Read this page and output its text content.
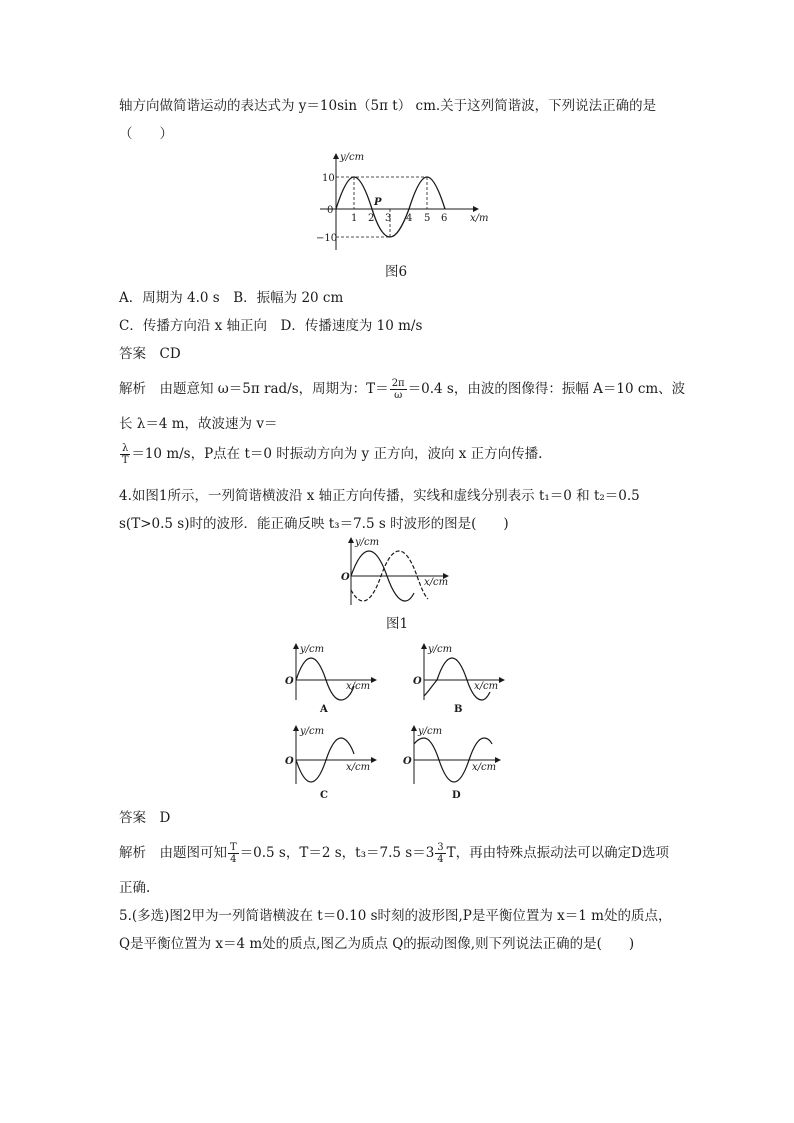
轴方向做简谐运动的表达式为 y＝10sin（5π t） cm.关于这列简谐波，下列说法正确的是
（　　）
y/cm
x/m
0
10
−10
1 2 3 4 5 6
P
图6
A．周期为 4.0 s　 B．振幅为 20 cm
C．传播方向沿 x 轴正向　 D．传播速度为 10 m/s
答案　 CD
解析　 由题意知 ω＝5π rad/s，周期为：$T= \frac{2\pi}{\omega} =0.4$ s，由波的图像得：振幅 A＝10 cm、波
长 λ＝4 m，故波速为 v＝
$\frac{\lambda}{T} =10$ m/s，P点在 t＝0 时振动方向为 y 正方向，波向 x 正方向传播.
4.如图1所示，一列简谐横波沿 x 轴正方向传播，实线和虚线分别表示 t₁＝0 和 t₂＝0.5
s(T>0.5 s)时的波形．能正确反映 t₃＝7.5 s 时波形的图是(　　)
y/cm
x/cm
O
图1
y/cm
x/cm
O
A
y/cm
x/cm
O
B
y/cm
x/cm
O
C
y/cm
x/cm
O
D
答案　 D
解析　 由题图可知 $\frac{T}{4} =0.5$ s，T＝2 s，t₃＝7.5 $s=3 \frac{3}{4}$ T，再由特殊点振动法可以确定D选项
正确.
5.(多选)图2甲为一列简谐横波在 t＝0.10 s时刻的波形图,P是平衡位置为 x＝1 m处的质点，
Q是平衡位置为 x＝4 m处的质点,图乙为质点 Q的振动图像,则下列说法正确的是(　　)
